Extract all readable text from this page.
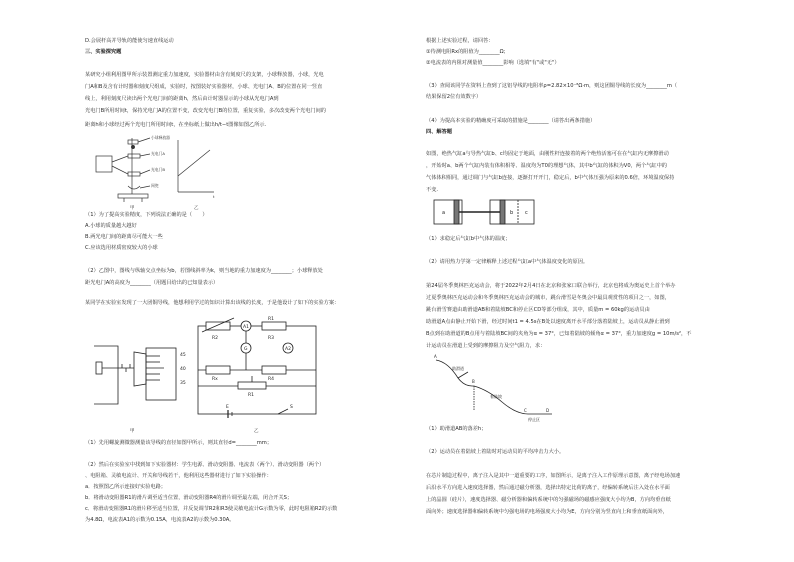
D.会展杆高并导轨的能使匀速直线运动
三、实验探究题
某研究小组利用图甲所示装置测定重力加速度，实验器材由含有刻度尺的支架，小球释放器，小球，光电
门A和B及含有计时器和刻度尺组成，实验时，按图装好实验器材，小球、光电门A、B的位置在同一竖直
线上，利用刻度尺读出两个光电门间的距离h，然后由计时器显示的小球从光电门A到
光电门B所用时间t，保持光电门A的位置不变，改变光电门B的位置，重复实验，多次改变两个光电门间的
距离h和小球经过两个光电门所用时间t，在坐标纸上做出h/t−t图像如图乙所示.
小球释放器
光电门A
光电门B
网兜
甲	乙
t
（1）为了提高实验精度，下列说法正确的是（　　）
A.小球的质量越大越好
B.两光电门间的距离尽可能大一些
C.应该选用材质密度较大的小球
（2）乙图中，图线与纵轴交点坐标为b，若图线斜率为k，则当地的重力加速度为________；小球释放处
距光电门A的高度为________（用题目给出的已知量表示）
某同学在实验室发现了一大团铜导线，他想利用学过的知识计算出该线的长度，于是他设计了如下的实验方案：
45
40
35
R2
R1
R3
G
A1
A2
Rx	R4
R1
E	S
甲	乙
（1）先用螺旋测微器测量该导线的直径如图甲所示，则其直径d=________mm；
（2）然后在实验室中找到如下实验器材：学生电源、滑动变阻器、电流表（两个）、滑动变阻器（两个）
、电阻箱、灵敏电流计、开关和导线若干，他利用这些器材进行了如下实验操作：
a．按照图乙所示连接好实验电路；
b．将滑动变阻器R1的滑片调至适当位置，滑动变阻器R4的滑片调至最左端，闭合开关S；
c．将滑动变阻器R1的滑片移至适当位置，并反复调节R2和R3使灵敏电流计G示数为零，此时电阻箱R2的示数
为4.8Ω，电流表A1的示数为0.15A，电流表A2的示数为0.30A。
根据上述实验过程，请回答：
①待测电阻Rx的阻值为________Ω；
②电流表的内阻对测量值________影响（选填"有"或"无"）
（3）查阅该同学在资料上查到了这铝导线的电阻率ρ=2.82×10⁻⁸Ω·m，则这团铜导线的长度为________m（
结果保留2位有效数字）
（4）为提高本实验的精确度可采取的措施是________（请答出两条措施）
四、解答题
如图，绝热气缸a与导热气缸b、c均固定于地面，由刚性杆连接着的两个绝热活塞可在在气缸内无摩擦滑动
，开始时a、b两个气缸内装有体积相等、温度均为T0的理想气体，其中b气缸的体积为V0，两个气缸中的
气体体积相同，通过调门与气缸b连接，逐渐打开开门，稳定后，b中气体压强为原来的0.6倍，环境温度保持
不变.
a	b c
（1）求稳定后气缸b中气体的温度；
（2）请用热力学第一定律解释上述过程气缸a中气体温度变化的原因。
第24届冬季奥林匹克运动会，将于2022年2月4日在北京和张家口联合举行，北京也将成为奥运史上首个举办
过夏季奥林匹克运动会和冬季奥林匹克运动会的城市，跳台滑雪是冬奥会中最具观赏性的项目之一，如图，
跳台滑雪赛道由助滑道AB和着陆坡BC和停止区CD等部分组成，其中，质量m = 60kg的运动员由
助滑道A点由静止开始下滑，经过时间t1 = 4.5s在B处以速度离开水平部分落着陆坡上，运动员从静止滑到
B点到在助滑道的B点用与着陆坡BC间的夹角为α = 37°，已知着陆坡的倾角α = 37°，重力加速度g = 10m/s²，不
计运动员在滑道上受到的摩擦阻力及空气阻力，求：
A
助滑道
B
着陆坡
C	D
停止区
（1）助滑道AB的落差h；
（2）运动员在着陆坡上着陆时对运动员的平均冲击力大小。
在芯片制造过程中，离子注入是其中一道重要的工序，如图所示，是离子注入工作原理示意图，离子经电场加速
后沿水平方向进入速度选择器，然后通过磁分析器，选择出特定比荷的离子，经偏转系统后注入处在水平面
上的晶圆（硅片），速度选择器、磁分析器和偏转系统中的匀强磁场的磁感应强度大小均为B，方向均垂直纸
面向外；速度选择器和偏转系统中匀强电场的电场强度大小均为E，方向分别为竖直向上和垂直纸面向外，
